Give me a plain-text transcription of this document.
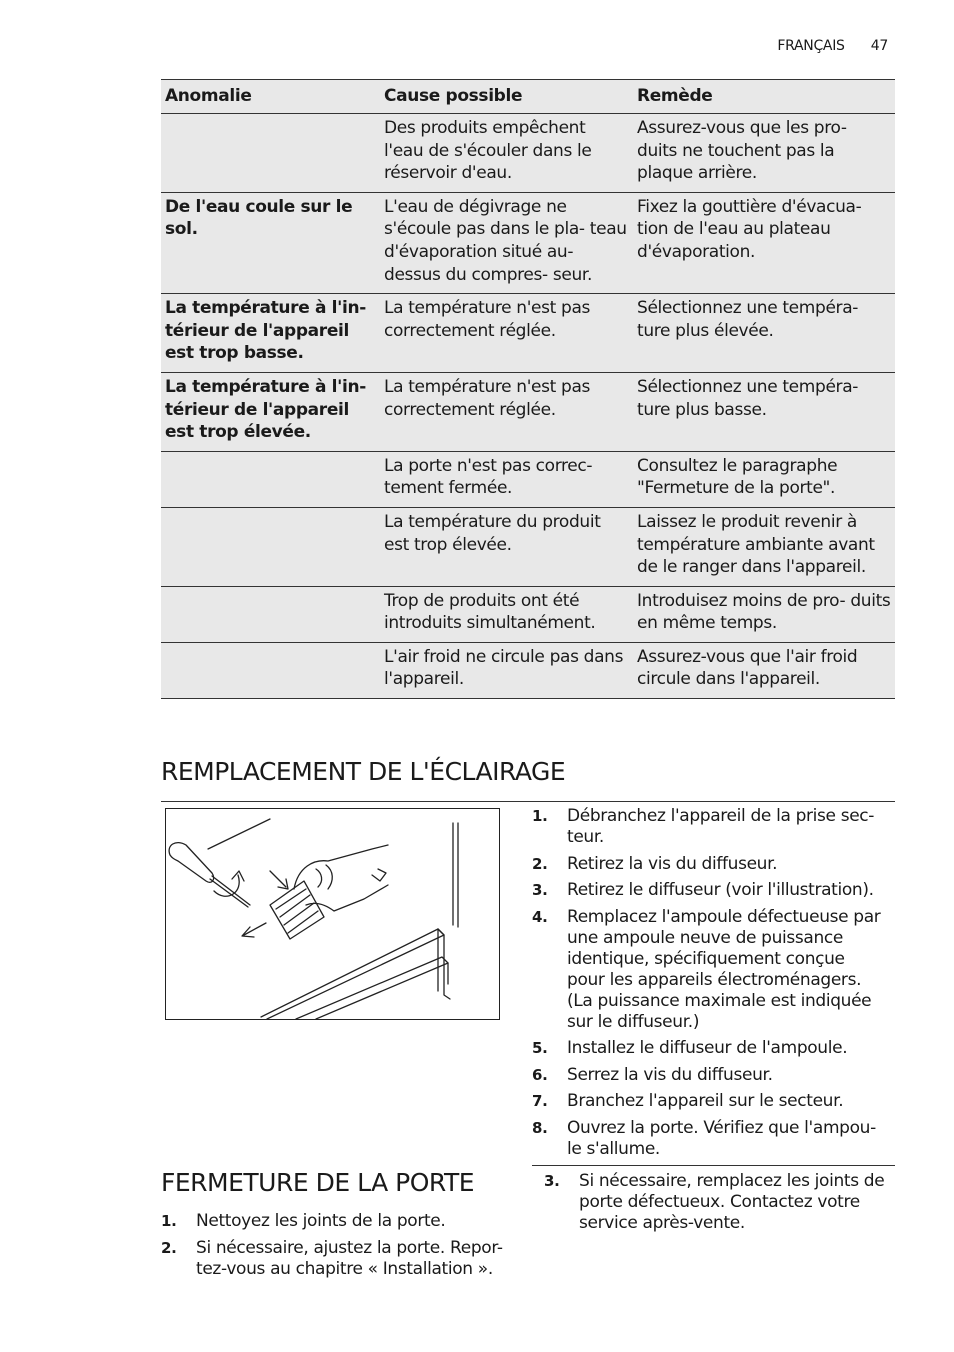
FRANÇAIS 47
Anomalie	Cause possible	Remède
	Des produits empêchent l'eau de s'écouler dans le réservoir d'eau.	Assurez-vous que les pro- duits ne touchent pas la plaque arrière.
De l'eau coule sur le sol.	L'eau de dégivrage ne s'écoule pas dans le pla- teau d'évaporation situé au-dessus du compres- seur.	Fixez la gouttière d'évacua- tion de l'eau au plateau d'évaporation.
La température à l'in- térieur de l'appareil est trop basse.	La température n'est pas correctement réglée.	Sélectionnez une tempéra- ture plus élevée.
La température à l'in- térieur de l'appareil est trop élevée.	La température n'est pas correctement réglée.	Sélectionnez une tempéra- ture plus basse.
	La porte n'est pas correc- tement fermée.	Consultez le paragraphe "Fermeture de la porte".
	La température du produit est trop élevée.	Laissez le produit revenir à température ambiante avant de le ranger dans l'appareil.
	Trop de produits ont été introduits simultanément.	Introduisez moins de pro- duits en même temps.
	L'air froid ne circule pas dans l'appareil.	Assurez-vous que l'air froid circule dans l'appareil.
REMPLACEMENT DE L'ÉCLAIRAGE
1. Débranchez l'appareil de la prise sec- teur.
2. Retirez la vis du diffuseur.
3. Retirez le diffuseur (voir l'illustration).
4. Remplacez l'ampoule défectueuse par une ampoule neuve de puissance identique, spécifiquement conçue pour les appareils électroménagers. (La puissance maximale est indiquée sur le diffuseur.)
5. Installez le diffuseur de l'ampoule.
6. Serrez la vis du diffuseur.
7. Branchez l'appareil sur le secteur.
8. Ouvrez la porte. Vérifiez que l'ampou- le s'allume.
FERMETURE DE LA PORTE
1. Nettoyez les joints de la porte.
2. Si nécessaire, ajustez la porte. Repor- tez-vous au chapitre « Installation ».
3. Si nécessaire, remplacez les joints de porte défectueux. Contactez votre service après-vente.
